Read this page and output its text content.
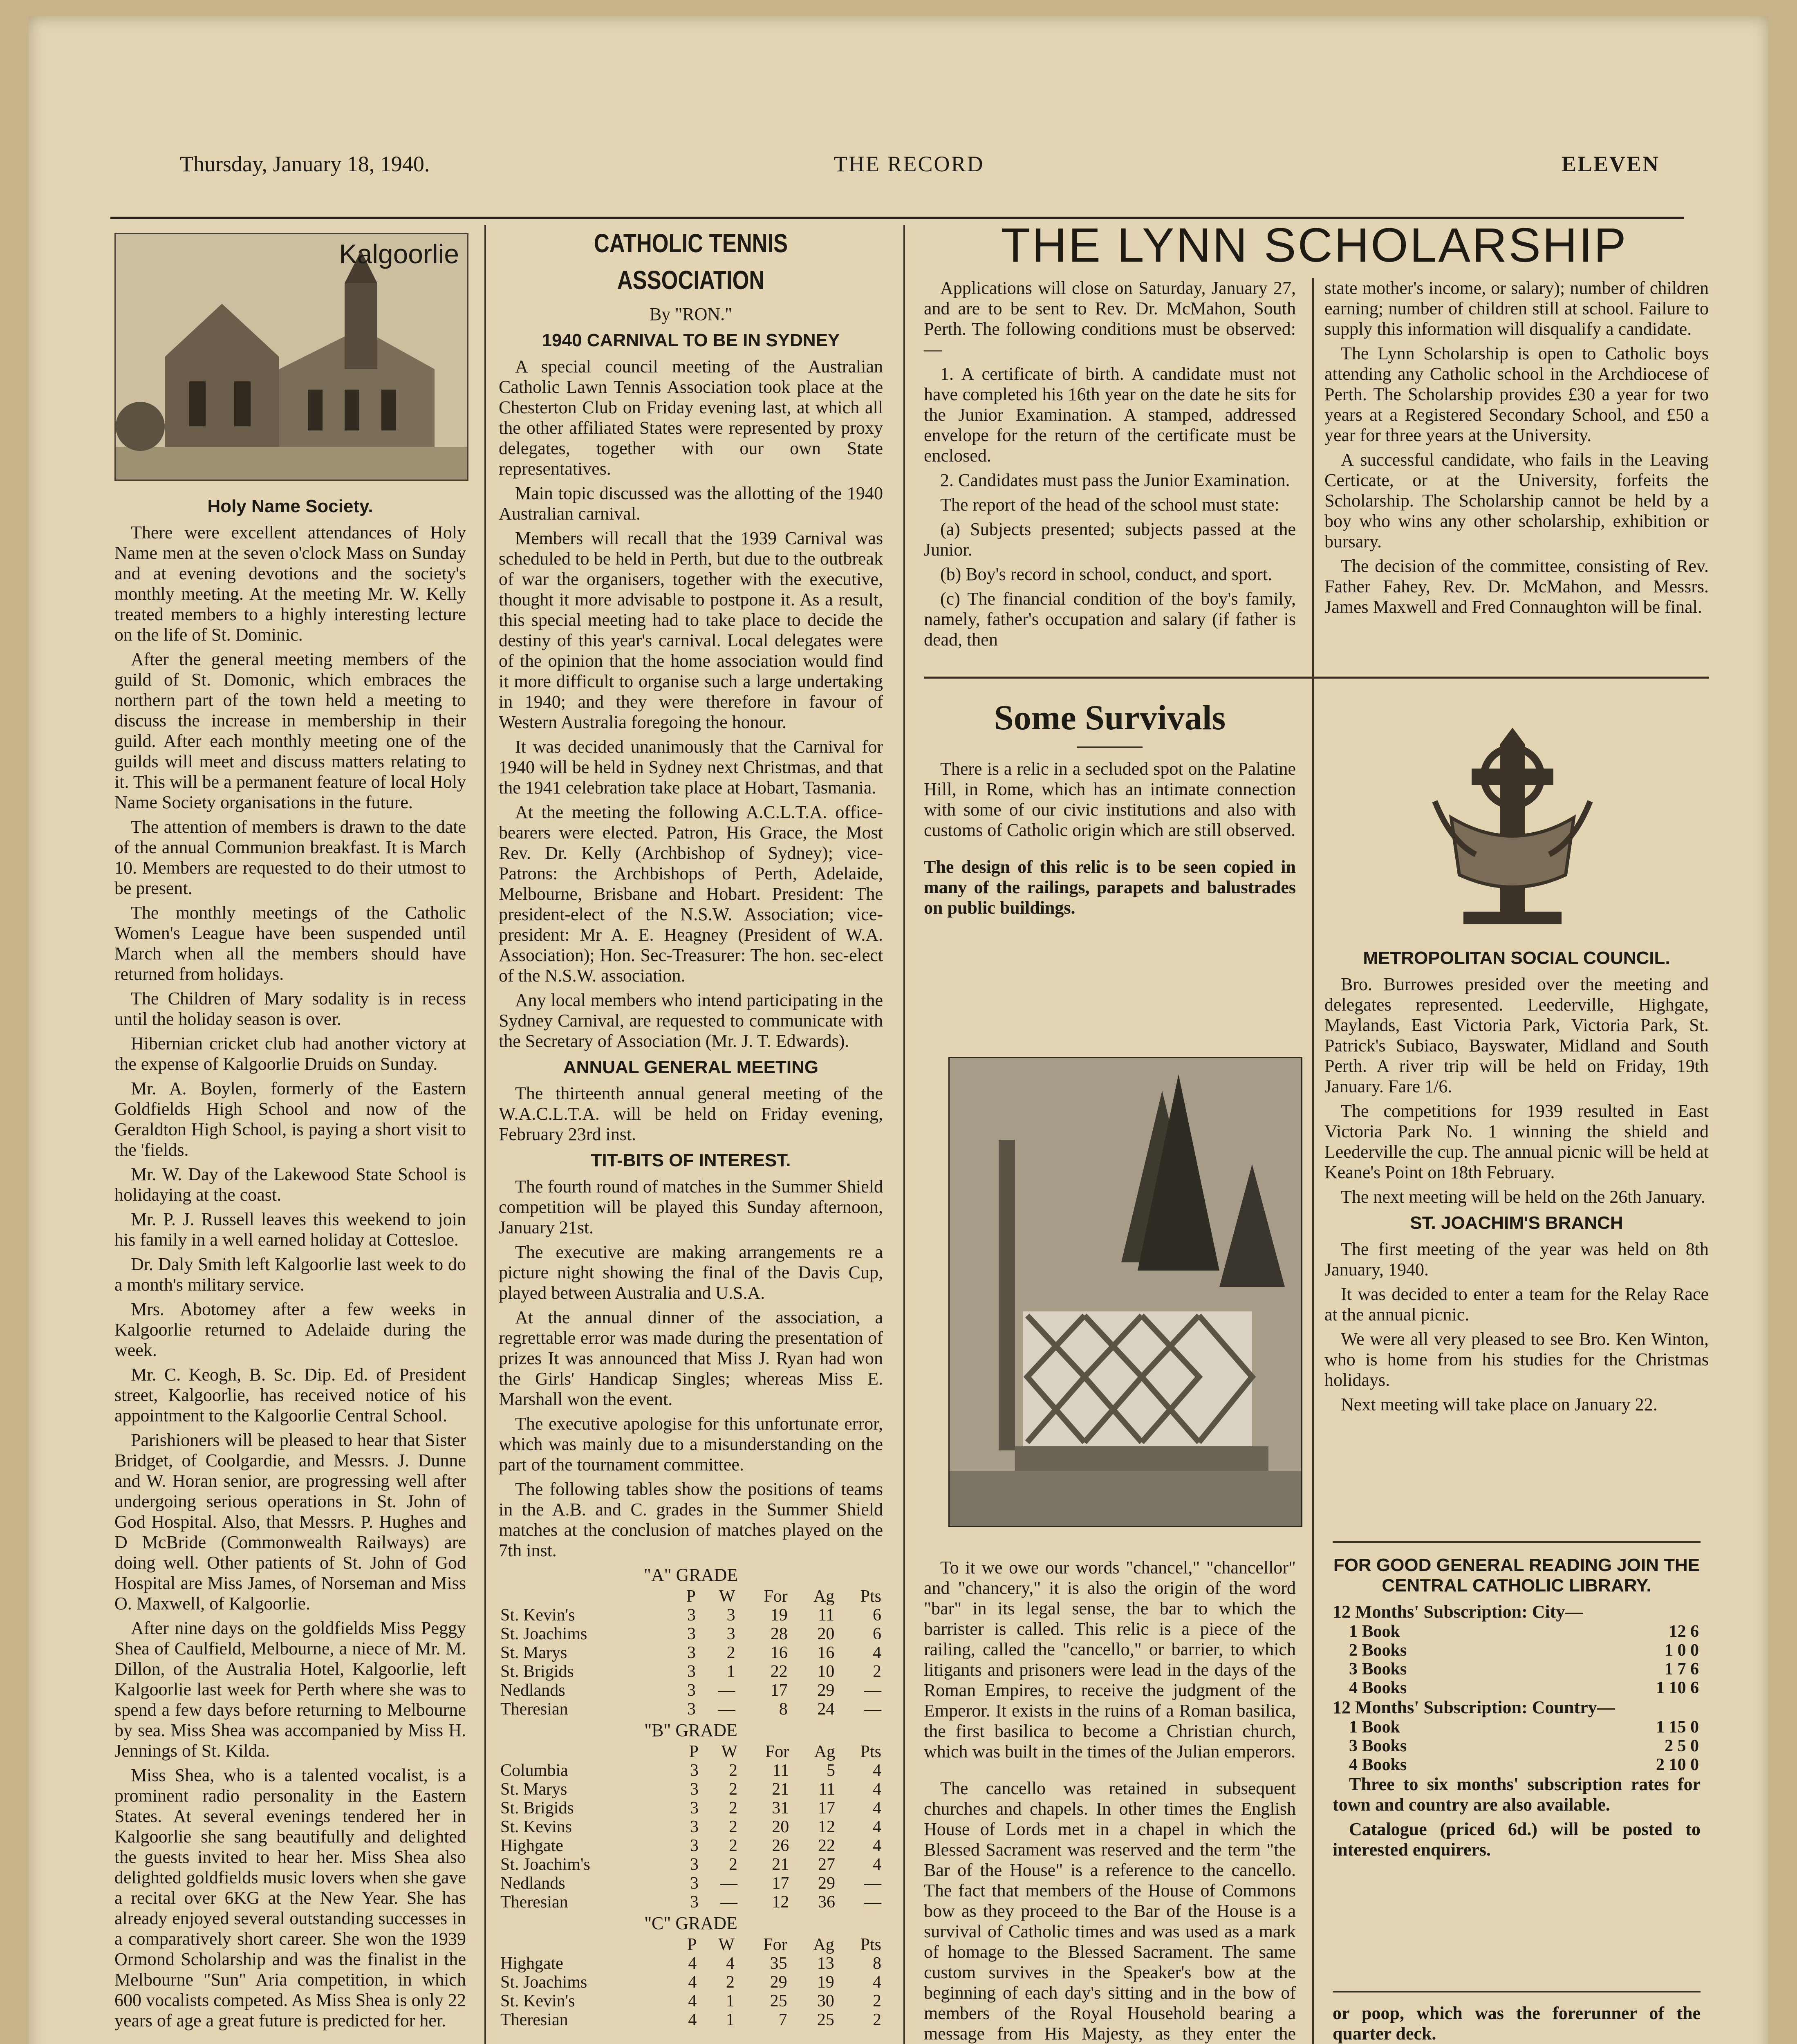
Thursday, January 18, 1940.	THE RECORD	ELEVEN
Kalgoorlie
Holy Name Society.

There were excellent attendances of Holy Name men at the seven o'clock Mass on Sunday and at evening devotions and the society's monthly meeting. At the meeting Mr. W. Kelly treated members to a highly interesting lecture on the life of St. Dominic.

After the general meeting members of the guild of St. Domonic, which embraces the northern part of the town held a meeting to discuss the increase in membership in their guild. After each monthly meeting one of the guilds will meet and discuss matters relating to it. This will be a permanent feature of local Holy Name Society organisations in the future.

The attention of members is drawn to the date of the annual Communion breakfast. It is March 10. Members are requested to do their utmost to be present.

The monthly meetings of the Catholic Women's League have been suspended until March when all the members should have returned from holidays.

The Children of Mary sodality is in recess until the holiday season is over.

Hibernian cricket club had another victory at the expense of Kalgoorlie Druids on Sunday.

Mr. A. Boylen, formerly of the Eastern Goldfields High School and now of the Geraldton High School, is paying a short visit to the 'fields.

Mr. W. Day of the Lakewood State School is holidaying at the coast.

Mr. P. J. Russell leaves this weekend to join his family in a well earned holiday at Cottesloe.

Dr. Daly Smith left Kalgoorlie last week to do a month's military service.

Mrs. Abotomey after a few weeks in Kalgoorlie returned to Adelaide during the week.

Mr. C. Keogh, B. Sc. Dip. Ed. of President street, Kalgoorlie, has received notice of his appointment to the Kalgoorlie Central School.

Parishioners will be pleased to hear that Sister Bridget, of Coolgardie, and Messrs. J. Dunne and W. Horan senior, are progressing well after undergoing serious operations in St. John of God Hospital. Also, that Messrs. P. Hughes and D McBride (Commonwealth Railways) are doing well. Other patients of St. John of God Hospital are Miss James, of Norseman and Miss O. Maxwell, of Kalgoorlie.

After nine days on the goldfields Miss Peggy Shea of Caulfield, Melbourne, a niece of Mr. M. Dillon, of the Australia Hotel, Kalgoorlie, left Kalgoorlie last week for Perth where she was to spend a few days before returning to Melbourne by sea. Miss Shea was accompanied by Miss H. Jennings of St. Kilda.

Miss Shea, who is a talented vocalist, is a prominent radio personality in the Eastern States. At several evenings tendered her in Kalgoorlie she sang beautifully and delighted the guests invited to hear her. Miss Shea also delighted goldfields music lovers when she gave a recital over 6KG at the New Year. She has already enjoyed several outstanding successes in a comparatively short career. She won the 1939 Ormond Scholarship and was the finalist in the Melbourne "Sun" Aria competition, in which 600 vocalists competed. As Miss Shea is only 22 years of age a great future is predicted for her.

CATHOLIC TENNIS ASSOCIATION
By "RON."
1940 CARNIVAL TO BE IN SYDNEY

A special council meeting of the Australian Catholic Lawn Tennis Association took place at the Chesterton Club on Friday evening last, at which all the other affiliated States were represented by proxy delegates, together with our own State representatives.

Main topic discussed was the allotting of the 1940 Australian carnival.

Members will recall that the 1939 Carnival was scheduled to be held in Perth, but due to the outbreak of war the organisers, together with the executive, thought it more advisable to postpone it. As a result, this special meeting had to take place to decide the destiny of this year's carnival. Local delegates were of the opinion that the home association would find it more difficult to organise such a large undertaking in 1940; and they were therefore in favour of Western Australia foregoing the honour.

It was decided unanimously that the Carnival for 1940 will be held in Sydney next Christmas, and that the 1941 celebration take place at Hobart, Tasmania.

At the meeting the following A.C.L.T.A. office-bearers were elected. Patron, His Grace, the Most Rev. Dr. Kelly (Archbishop of Sydney); vice-Patrons: the Archbishops of Perth, Adelaide, Melbourne, Brisbane and Hobart. President: The president-elect of the N.S.W. Association; vice-president: Mr A. E. Heagney (President of W.A. Association); Hon. Sec-Treasurer: The hon. sec-elect of the N.S.W. association.

Any local members who intend participating in the Sydney Carnival, are requested to communicate with the Secretary of Association (Mr. J. T. Edwards).

ANNUAL GENERAL MEETING

The thirteenth annual general meeting of the W.A.C.L.T.A. will be held on Friday evening, February 23rd inst.

TIT-BITS OF INTEREST.

The fourth round of matches in the Summer Shield competition will be played this Sunday afternoon, January 21st.

The executive are making arrangements re a picture night showing the final of the Davis Cup, played between Australia and U.S.A.

At the annual dinner of the association, a regrettable error was made during the presentation of prizes It was announced that Miss J. Ryan had won the Girls' Handicap Singles; whereas Miss E. Marshall won the event.

The executive apologise for this unfortunate error, which was mainly due to a misunderstanding on the part of the tournament committee.

The following tables show the positions of teams in the A.B. and C. grades in the Summer Shield matches at the conclusion of matches played on the 7th inst.

"A" GRADE
	P	W	For	Ag	Pts
St. Kevin's	3	3	19	11	6
St. Joachims	3	3	28	20	6
St. Marys	3	2	16	16	4
St. Brigids	3	1	22	10	2
Nedlands	3	—	17	29	—
Theresian	3	—	8	24	—
"B" GRADE
	P	W	For	Ag	Pts
Columbia	3	2	11	5	4
St. Marys	3	2	21	11	4
St. Brigids	3	2	31	17	4
St. Kevins	3	2	20	12	4
Highgate	3	2	26	22	4
St. Joachim's	3	2	21	27	4
Nedlands	3	—	17	29	—
Theresian	3	—	12	36	—
"C" GRADE
	P	W	For	Ag	Pts
Highgate	4	4	35	13	8
St. Joachims	4	2	29	19	4
St. Kevin's	4	1	25	30	2
Theresian	4	1	7	25	2

THE LYNN SCHOLARSHIP

Applications will close on Saturday, January 27, and are to be sent to Rev. Dr. McMahon, South Perth. The following conditions must be observed:—

1. A certificate of birth. A candidate must not have completed his 16th year on the date he sits for the Junior Examination. A stamped, addressed envelope for the return of the certificate must be enclosed.

2. Candidates must pass the Junior Examination.

The report of the head of the school must state:

(a) Subjects presented; subjects passed at the Junior.

(b) Boy's record in school, conduct, and sport.

(c) The financial condition of the boy's family, namely, father's occupation and salary (if father is dead, then

state mother's income, or salary); number of children earning; number of children still at school. Failure to supply this information will disqualify a candidate.

The Lynn Scholarship is open to Catholic boys attending any Catholic school in the Archdiocese of Perth. The Scholarship provides £30 a year for two years at a Registered Secondary School, and £50 a year for three years at the University.

A successful candidate, who fails in the Leaving Certicate, or at the University, forfeits the Scholarship. The Scholarship cannot be held by a boy who wins any other scholarship, exhibition or bursary.

The decision of the committee, consisting of Rev. Father Fahey, Rev. Dr. McMahon, and Messrs. James Maxwell and Fred Connaughton will be final.

Some Survivals

There is a relic in a secluded spot on the Palatine Hill, in Rome, which has an intimate connection with some of our civic institutions and also with customs of Catholic origin which are still observed.

The design of this relic is to be seen copied in many of the railings, parapets and balustrades on public buildings.

To it we owe our words "chancel," "chancellor" and "chancery," it is also the origin of the word "bar" in its legal sense, the bar to which the barrister is called. This relic is a piece of the railing, called the "cancello," or barrier, to which litigants and prisoners were lead in the days of the Roman Empires, to receive the judgment of the Emperor. It exists in the ruins of a Roman basilica, the first basilica to become a Christian church, which was built in the times of the Julian emperors.

The cancello was retained in subsequent churches and chapels. In other times the English House of Lords met in a chapel in which the Blessed Sacrament was reserved and the term "the Bar of the House" is a reference to the cancello. The fact that members of the House of Commons bow as they proceed to the Bar of the House is a survival of Catholic times and was used as a mark of homage to the Blessed Sacrament. The same custom survives in the Speaker's bow at the beginning of each day's sitting and in the bow of members of the Royal Household bearing a message from His Majesty, as they enter the

METROPOLITAN SOCIAL COUNCIL.

Bro. Burrowes presided over the meeting and delegates represented. Leederville, Highgate, Maylands, East Victoria Park, Victoria Park, St. Patrick's Subiaco, Bayswater, Midland and South Perth. A river trip will be held on Friday, 19th January. Fare 1/6.

The competitions for 1939 resulted in East Victoria Park No. 1 winning the shield and Leederville the cup. The annual picnic will be held at Keane's Point on 18th February.

The next meeting will be held on the 26th January.

ST. JOACHIM'S BRANCH

The first meeting of the year was held on 8th January, 1940.

It was decided to enter a team for the Relay Race at the annual picnic.

We were all very pleased to see Bro. Ken Winton, who is home from his studies for the Christmas holidays.

Next meeting will take place on January 22.

FOR GOOD GENERAL READING JOIN THE CENTRAL CATHOLIC LIBRARY.
12 Months' Subscription: City—
1 Book	12 6
2 Books	1 0 0
3 Books	1 7 6
4 Books	1 10 6
12 Months' Subscription: Country—
1 Book	1 15 0
3 Books	2 5 0
4 Books	2 10 0

Three to six months' subscription rates for town and country are also available.

Catalogue (priced 6d.) will be posted to interested enquirers.

or poop, which was the forerunner of the quarter deck.
